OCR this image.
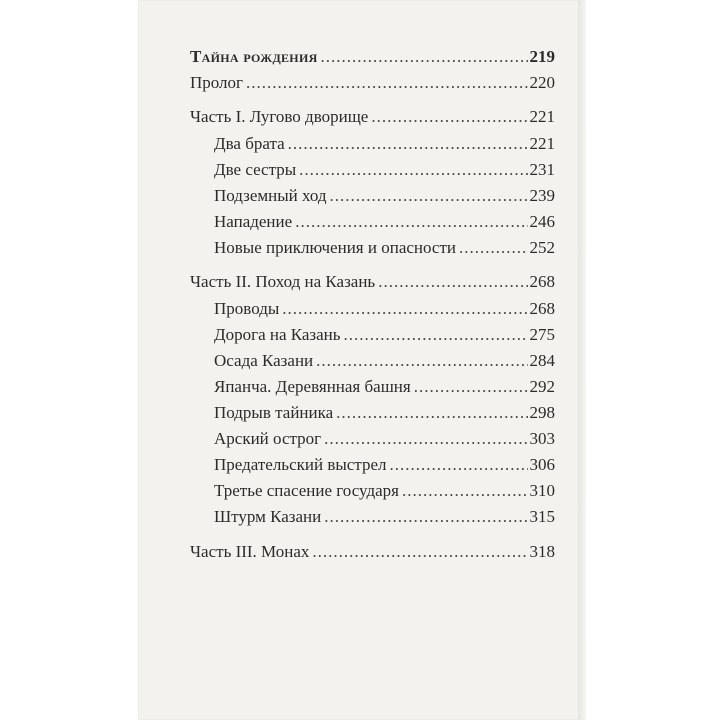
Тайна рождения .....	219
Пролог .....	220
Часть I. Лугово дворище .....	221
Два брата .....	221
Две сестры .....	231
Подземный ход .....	239
Нападение .....	246
Новые приключения и опасности .....	252
Часть II. Поход на Казань .....	268
Проводы .....	268
Дорога на Казань .....	275
Осада Казани .....	284
Япанча. Деревянная башня .....	292
Подрыв тайника .....	298
Арский острог .....	303
Предательский выстрел .....	306
Третье спасение государя .....	310
Штурм Казани .....	315
Часть III. Монах .....	318
